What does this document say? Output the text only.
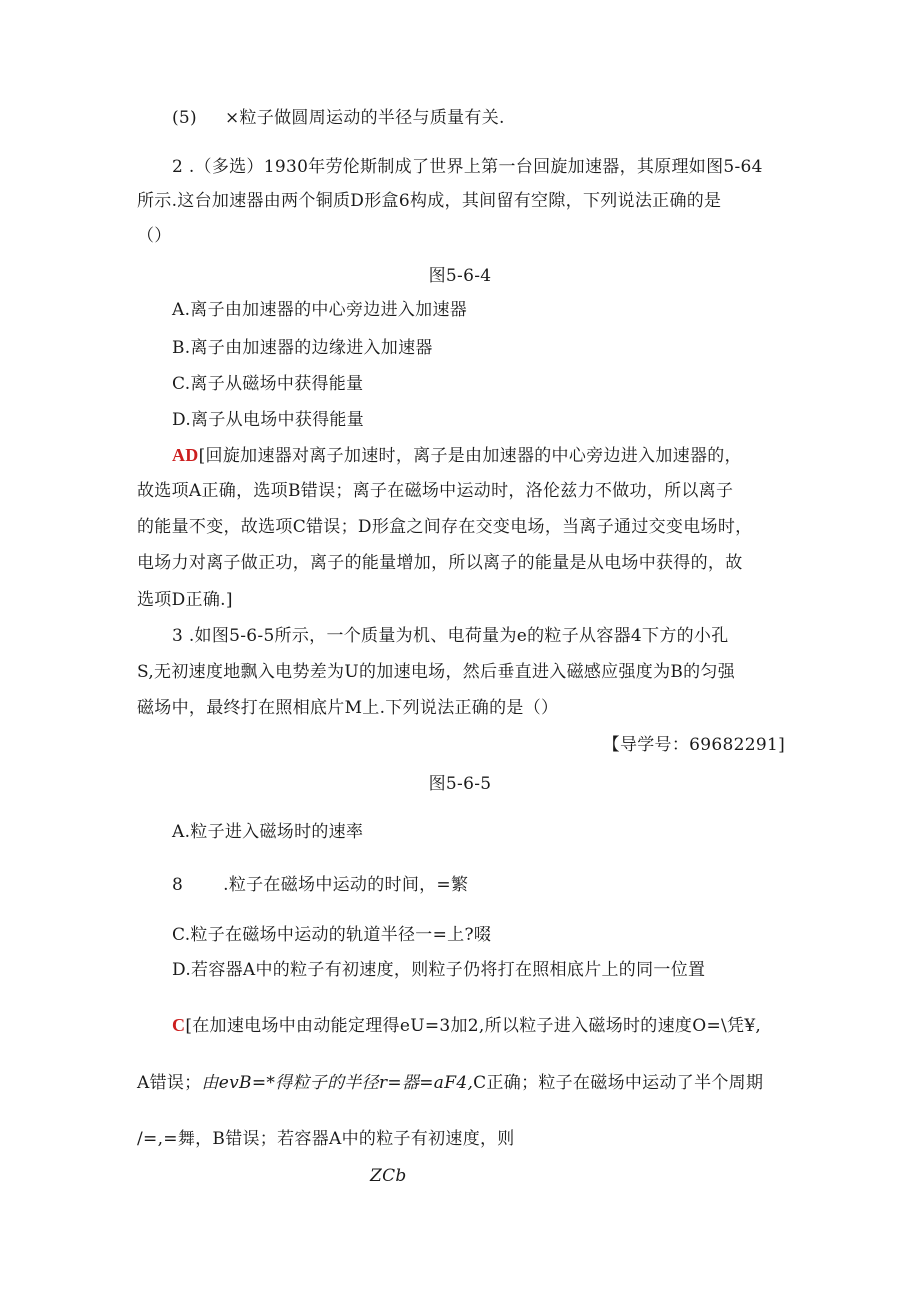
(5) ×粒子做圆周运动的半径与质量有关.
2 .（多选）1930年劳伦斯制成了世界上第一台回旋加速器，其原理如图5-64
所示.这台加速器由两个铜质D形盒6构成，其间留有空隙，下列说法正确的是
（）
图5-6-4
A.离子由加速器的中心旁边进入加速器
B.离子由加速器的边缘进入加速器
C.离子从磁场中获得能量
D.离子从电场中获得能量
AD[回旋加速器对离子加速时，离子是由加速器的中心旁边进入加速器的，
故选项A正确，选项B错误；离子在磁场中运动时，洛伦兹力不做功，所以离子
的能量不变，故选项C错误；D形盒之间存在交变电场，当离子通过交变电场时，
电场力对离子做正功，离子的能量增加，所以离子的能量是从电场中获得的，故
选项D正确.]
3 .如图5-6-5所示，一个质量为机、电荷量为e的粒子从容器4下方的小孔
S,无初速度地飘入电势差为U的加速电场，然后垂直进入磁感应强度为B的匀强
磁场中，最终打在照相底片M上.下列说法正确的是（）
【导学号：69682291]
图5-6-5
A.粒子进入磁场时的速率
8 .粒子在磁场中运动的时间，=繁
C.粒子在磁场中运动的轨道半径一=上?啜
D.若容器A中的粒子有初速度，则粒子仍将打在照相底片上的同一位置
C[在加速电场中由动能定理得eU=3加2,所以粒子进入磁场时的速度O=\凭¥,
A错误；由evB=*得粒子的半径r=器=aF4,C正确；粒子在磁场中运动了半个周期
/=,=舞，B错误；若容器A中的粒子有初速度，则
ZCb
